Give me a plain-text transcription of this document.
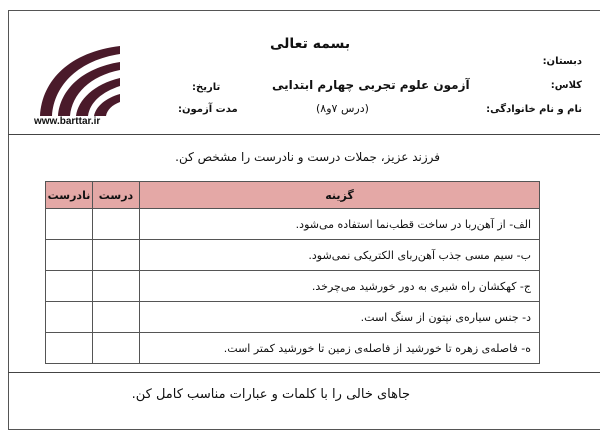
بسمه تعالی
دبستان:
کلاس:
نام و نام خانوادگی:
آزمون علوم تجربی چهارم ابتدایی
(درس ۷و۸)
تاریخ:
مدت آزمون:
www.barttar.ir
فرزند عزیز، جملات درست و نادرست را مشخص کن.
گزینه	درست	نادرست
الف- از آهن‌ربا در ساخت قطب‌نما استفاده می‌شود.		
ب- سیم مسی جذب آهن‌ربای الکتریکی نمی‌شود.		
ج- کهکشان راه شیری به دور خورشید می‌چرخد.		
د- جنس سیاره‌ی نپتون از سنگ است.		
ه- فاصله‌ی زهره تا خورشید از فاصله‌ی زمین تا خورشید کمتر است.		
جاهای خالی را با کلمات و عبارات مناسب کامل کن.
